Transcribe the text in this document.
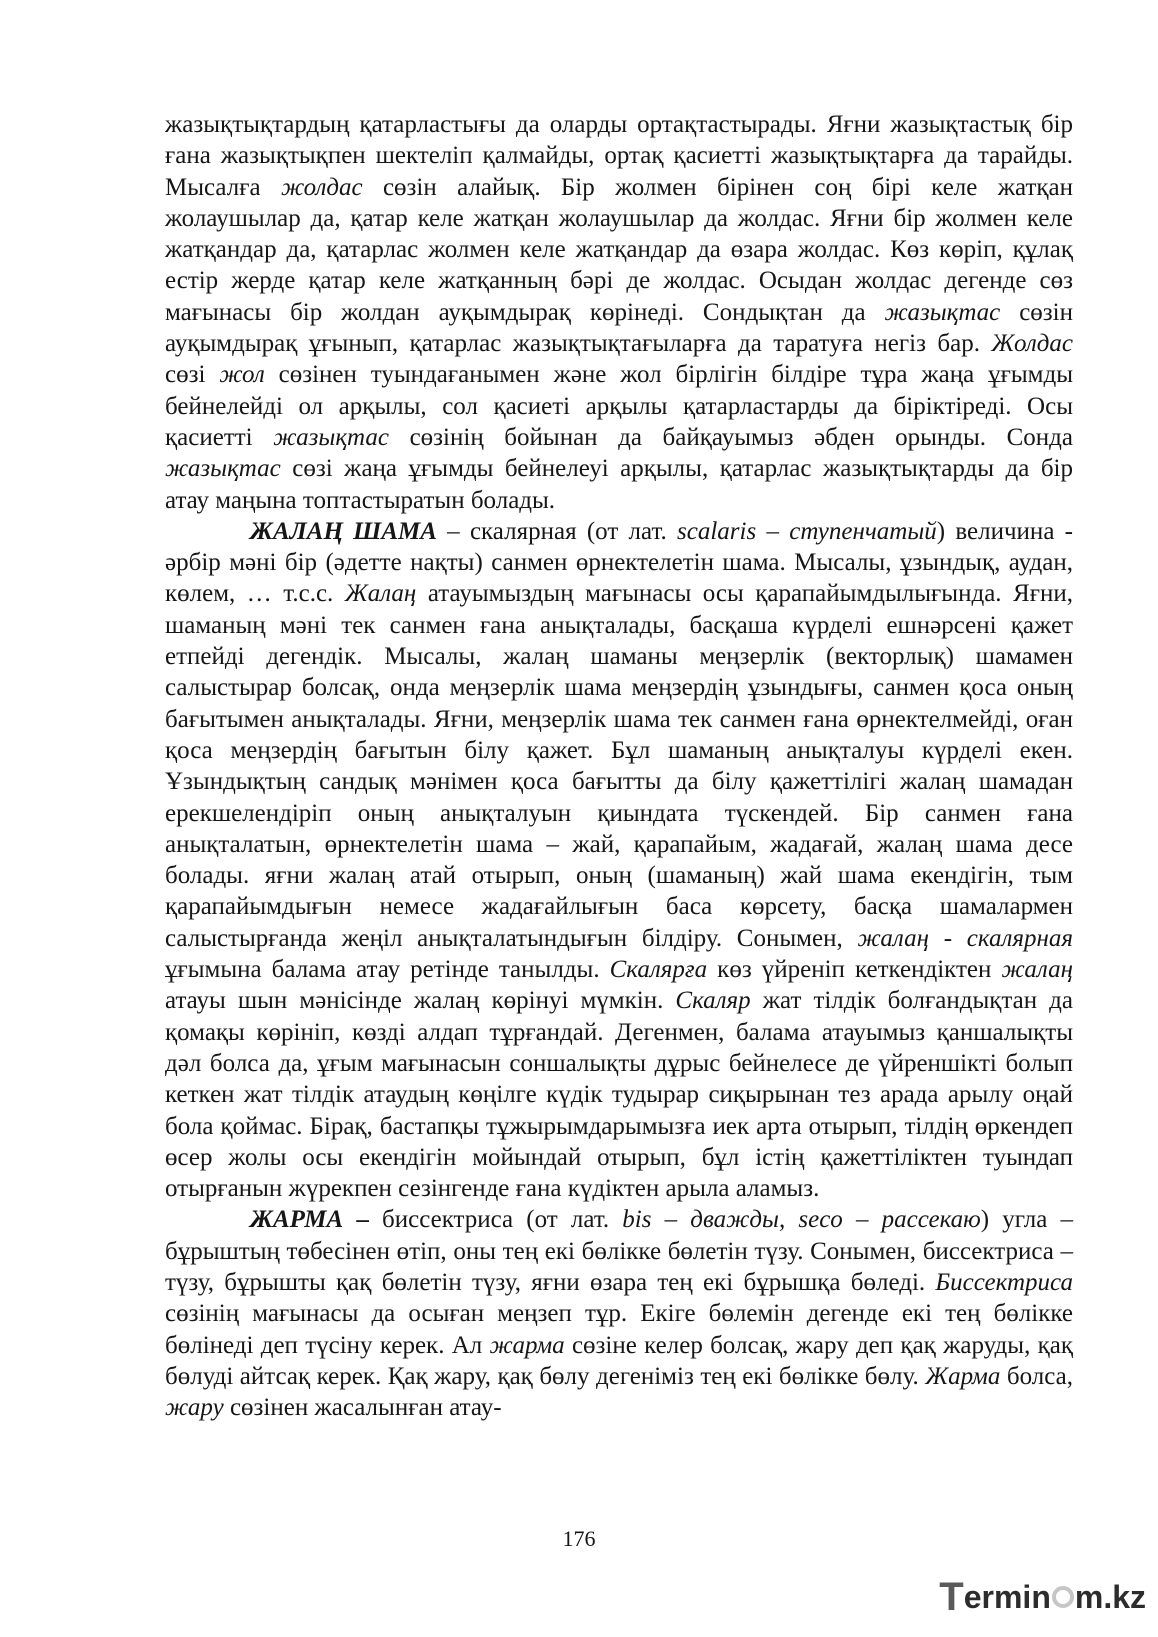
жазықтықтардың қатарластығы да оларды ортақтастырады. Яғни жазықтастық бір ғана жазықтықпен шектеліп қалмайды, ортақ қасиетті жазықтықтарға да тарайды. Мысалға жолдас сөзін алайық. Бір жолмен бірінен соң бірі келе жатқан жолаушылар да, қатар келе жатқан жолаушылар да жолдас. Яғни бір жолмен келе жатқандар да, қатарлас жолмен келе жатқандар да өзара жолдас. Көз көріп, құлақ естір жерде қатар келе жатқанның бәрі де жолдас. Осыдан жолдас дегенде сөз мағынасы бір жолдан ауқымдырақ көрінеді. Сондықтан да жазықтас сөзін ауқымдырақ ұғынып, қатарлас жазықтықтағыларға да таратуға негіз бар. Жолдас сөзі жол сөзінен туындағанымен және жол бірлігін білдіре тұра жаңа ұғымды бейнелейді ол арқылы, сол қасиеті арқылы қатарластарды да біріктіреді. Осы қасиетті жазықтас сөзінің бойынан да байқауымыз әбден орынды. Сонда жазықтас сөзі жаңа ұғымды бейнелеуі арқылы, қатарлас жазықтықтарды да бір атау маңына топтастыратын болады.

ЖАЛАҢ ШАМА – скалярная (от лат. scalaris – ступенчатый) величина - әрбір мәні бір (әдетте нақты) санмен өрнектелетін шама. Мысалы, ұзындық, аудан, көлем, … т.с.с. Жалаң атауымыздың мағынасы осы қарапайымдылығында. Яғни, шаманың мәні тек санмен ғана анықталады, басқаша күрделі ешнәрсені қажет етпейді дегендік. Мысалы, жалаң шаманы меңзерлік (векторлық) шамамен салыстырар болсақ, онда меңзерлік шама меңзердің ұзындығы, санмен қоса оның бағытымен анықталады. Яғни, меңзерлік шама тек санмен ғана өрнектелмейді, оған қоса меңзердің бағытын білу қажет. Бұл шаманың анықталуы күрделі екен. Ұзындықтың сандық мәнімен қоса бағытты да білу қажеттілігі жалаң шамадан ерекшелендіріп оның анықталуын қиындата түскендей. Бір санмен ғана анықталатын, өрнектелетін шама – жай, қарапайым, жадағай, жалаң шама десе болады. яғни жалаң атай отырып, оның (шаманың) жай шама екендігін, тым қарапайымдығын немесе жадағайлығын баса көрсету, басқа шамалармен салыстырғанда жеңіл анықталатындығын білдіру. Сонымен, жалаң - скалярная ұғымына балама атау ретінде танылды. Скалярға көз үйреніп кеткендіктен жалаң атауы шын мәнісінде жалаң көрінуі мүмкін. Скаляр жат тілдік болғандықтан да қомақы көрініп, көзді алдап тұрғандай. Дегенмен, балама атауымыз қаншалықты дәл болса да, ұғым мағынасын соншалықты дұрыс бейнелесе де үйреншікті болып кеткен жат тілдік атаудың көңілге күдік тудырар сиқырынан тез арада арылу оңай бола қоймас. Бірақ, бастапқы тұжырымдарымызға иек арта отырып, тілдің өркендеп өсер жолы осы екендігін мойындай отырып, бұл істің қажеттіліктен туындап отырғанын жүрекпен сезінгенде ғана күдіктен арыла аламыз.

ЖАРМА – биссектриса (от лат. bis – дважды, seco – рассекаю) угла – бұрыштың төбесінен өтіп, оны тең екі бөлікке бөлетін түзу. Сонымен, биссектриса – түзу, бұрышты қақ бөлетін түзу, яғни өзара тең екі бұрышқа бөледі. Биссектриса сөзінің мағынасы да осыған меңзеп тұр. Екіге бөлемін дегенде екі тең бөлікке бөлінеді деп түсіну керек. Ал жарма сөзіне келер болсақ, жару деп қақ жаруды, қақ бөлуді айтсақ керек. Қақ жару, қақ бөлу дегеніміз тең екі бөлікке бөлу. Жарма болса, жару сөзінен жасалынған атау-

176
T ermin m.kz
